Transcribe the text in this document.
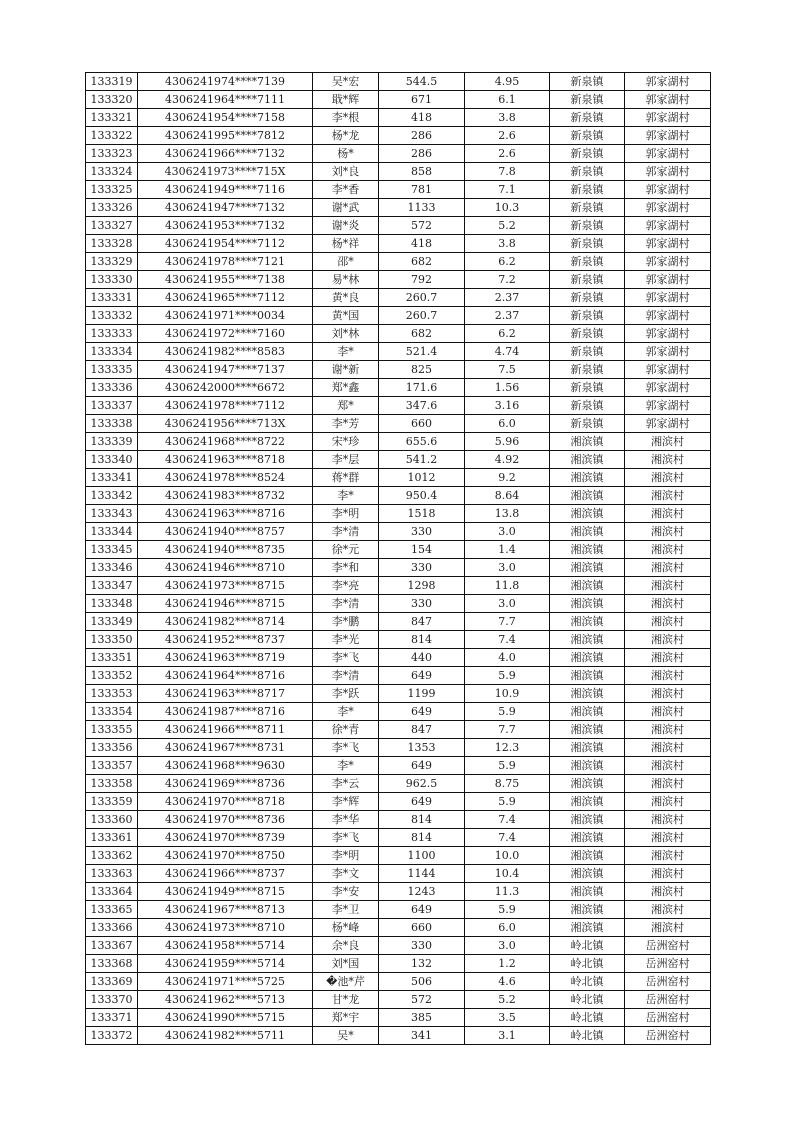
133319	4306241974****7139	吴*宏	544.5	4.95	新泉镇	郭家湖村
133320	4306241964****7111	戢*辉	671	6.1	新泉镇	郭家湖村
133321	4306241954****7158	李*根	418	3.8	新泉镇	郭家湖村
133322	4306241995****7812	杨*龙	286	2.6	新泉镇	郭家湖村
133323	4306241966****7132	杨*	286	2.6	新泉镇	郭家湖村
133324	4306241973****715X	刘*良	858	7.8	新泉镇	郭家湖村
133325	4306241949****7116	李*香	781	7.1	新泉镇	郭家湖村
133326	4306241947****7132	谢*武	1133	10.3	新泉镇	郭家湖村
133327	4306241953****7132	谢*炎	572	5.2	新泉镇	郭家湖村
133328	4306241954****7112	杨*祥	418	3.8	新泉镇	郭家湖村
133329	4306241978****7121	邵*	682	6.2	新泉镇	郭家湖村
133330	4306241955****7138	易*林	792	7.2	新泉镇	郭家湖村
133331	4306241965****7112	黄*良	260.7	2.37	新泉镇	郭家湖村
133332	4306241971****0034	黄*国	260.7	2.37	新泉镇	郭家湖村
133333	4306241972****7160	刘*林	682	6.2	新泉镇	郭家湖村
133334	4306241982****8583	李*	521.4	4.74	新泉镇	郭家湖村
133335	4306241947****7137	谢*新	825	7.5	新泉镇	郭家湖村
133336	4306242000****6672	郑*鑫	171.6	1.56	新泉镇	郭家湖村
133337	4306241978****7112	郑*	347.6	3.16	新泉镇	郭家湖村
133338	4306241956****713X	李*芳	660	6.0	新泉镇	郭家湖村
133339	4306241968****8722	宋*珍	655.6	5.96	湘滨镇	湘滨村
133340	4306241963****8718	李*层	541.2	4.92	湘滨镇	湘滨村
133341	4306241978****8524	蒋*群	1012	9.2	湘滨镇	湘滨村
133342	4306241983****8732	李*	950.4	8.64	湘滨镇	湘滨村
133343	4306241963****8716	李*明	1518	13.8	湘滨镇	湘滨村
133344	4306241940****8757	李*清	330	3.0	湘滨镇	湘滨村
133345	4306241940****8735	徐*元	154	1.4	湘滨镇	湘滨村
133346	4306241946****8710	李*和	330	3.0	湘滨镇	湘滨村
133347	4306241973****8715	李*亮	1298	11.8	湘滨镇	湘滨村
133348	4306241946****8715	李*清	330	3.0	湘滨镇	湘滨村
133349	4306241982****8714	李*鹏	847	7.7	湘滨镇	湘滨村
133350	4306241952****8737	李*光	814	7.4	湘滨镇	湘滨村
133351	4306241963****8719	李*飞	440	4.0	湘滨镇	湘滨村
133352	4306241964****8716	李*清	649	5.9	湘滨镇	湘滨村
133353	4306241963****8717	李*跃	1199	10.9	湘滨镇	湘滨村
133354	4306241987****8716	李*	649	5.9	湘滨镇	湘滨村
133355	4306241966****8711	徐*青	847	7.7	湘滨镇	湘滨村
133356	4306241967****8731	李*飞	1353	12.3	湘滨镇	湘滨村
133357	4306241968****9630	李*	649	5.9	湘滨镇	湘滨村
133358	4306241969****8736	李*云	962.5	8.75	湘滨镇	湘滨村
133359	4306241970****8718	李*辉	649	5.9	湘滨镇	湘滨村
133360	4306241970****8736	李*华	814	7.4	湘滨镇	湘滨村
133361	4306241970****8739	李*飞	814	7.4	湘滨镇	湘滨村
133362	4306241970****8750	李*明	1100	10.0	湘滨镇	湘滨村
133363	4306241966****8737	李*文	1144	10.4	湘滨镇	湘滨村
133364	4306241949****8715	李*安	1243	11.3	湘滨镇	湘滨村
133365	4306241967****8713	李*卫	649	5.9	湘滨镇	湘滨村
133366	4306241973****8710	杨*峰	660	6.0	湘滨镇	湘滨村
133367	4306241958****5714	余*良	330	3.0	岭北镇	岳洲窑村
133368	4306241959****5714	刘*国	132	1.2	岭北镇	岳洲窑村
133369	4306241971****5725	�池*芹	506	4.6	岭北镇	岳洲窑村
133370	4306241962****5713	甘*龙	572	5.2	岭北镇	岳洲窑村
133371	4306241990****5715	郑*宇	385	3.5	岭北镇	岳洲窑村
133372	4306241982****5711	吴*	341	3.1	岭北镇	岳洲窑村
